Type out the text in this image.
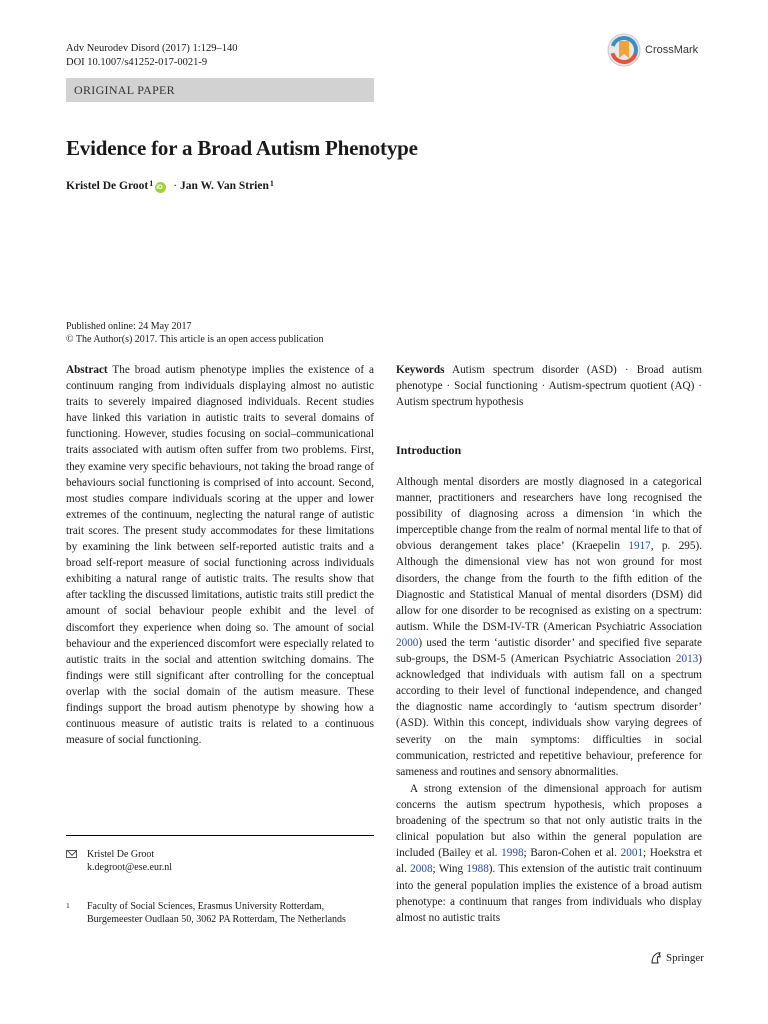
Adv Neurodev Disord (2017) 1:129–140
DOI 10.1007/s41252-017-0021-9
CrossMark
ORIGINAL PAPER
Evidence for a Broad Autism Phenotype
Kristel De Groot$^1$
iD · Jan W. Van Strien$^1$
Published online: 24 May 2017
© The Author(s) 2017. This article is an open access publication
Abstract The broad autism phenotype implies the existence of a continuum ranging from individuals displaying almost no autistic traits to severely impaired diagnosed individuals. Recent studies have linked this variation in autistic traits to several domains of functioning. However, studies focusing on social–communicational traits associated with autism often suffer from two problems. First, they examine very specific behaviours, not taking the broad range of behaviours social functioning is comprised of into account. Second, most studies compare individuals scoring at the upper and lower extremes of the continuum, neglecting the natural range of autistic trait scores. The present study accommodates for these limitations by examining the link between self-reported autistic traits and a broad self-report measure of social functioning across individuals exhibiting a natural range of autistic traits. The results show that after tackling the discussed limitations, autistic traits still predict the amount of social behaviour people exhibit and the level of discomfort they experience when doing so. The amount of social behaviour and the experienced discomfort were especially related to autistic traits in the social and attention switching domains. The findings were still significant after controlling for the conceptual overlap with the social domain of the autism measure. These findings support the broad autism phenotype by showing how a continuous measure of autistic traits is related to a continuous measure of social functioning.
Keywords Autism spectrum disorder (ASD) · Broad autism phenotype · Social functioning · Autism-spectrum quotient (AQ) · Autism spectrum hypothesis
Introduction
Although mental disorders are mostly diagnosed in a categorical manner, practitioners and researchers have long recognised the possibility of diagnosing across a dimension ‘in which the imperceptible change from the realm of normal mental life to that of obvious derangement takes place’ (Kraepelin 1917, p. 295). Although the dimensional view has not won ground for most disorders, the change from the fourth to the fifth edition of the Diagnostic and Statistical Manual of mental disorders (DSM) did allow for one disorder to be recognised as existing on a spectrum: autism. While the DSM-IV-TR (American Psychiatric Association 2000) used the term ‘autistic disorder’ and specified five separate sub-groups, the DSM-5 (American Psychiatric Association 2013) acknowledged that individuals with autism fall on a spectrum according to their level of functional independence, and changed the diagnostic name accordingly to ‘autism spectrum disorder’ (ASD). Within this concept, individuals show varying degrees of severity on the main symptoms: difficulties in social communication, restricted and repetitive behaviour, preference for sameness and routines and sensory abnormalities.
A strong extension of the dimensional approach for autism concerns the autism spectrum hypothesis, which proposes a broadening of the spectrum so that not only autistic traits in the clinical population but also within the general population are included (Bailey et al. 1998; Baron-Cohen et al. 2001; Hoekstra et al. 2008; Wing 1988). This extension of the autistic trait continuum into the general population implies the existence of a broad autism phenotype: a continuum that ranges from individuals who display almost no autistic traits
Kristel De Groot
k.degroot@ese.eur.nl
1 Faculty of Social Sciences, Erasmus University Rotterdam,
Burgemeester Oudlaan 50, 3062 PA Rotterdam, The Netherlands
Springer
